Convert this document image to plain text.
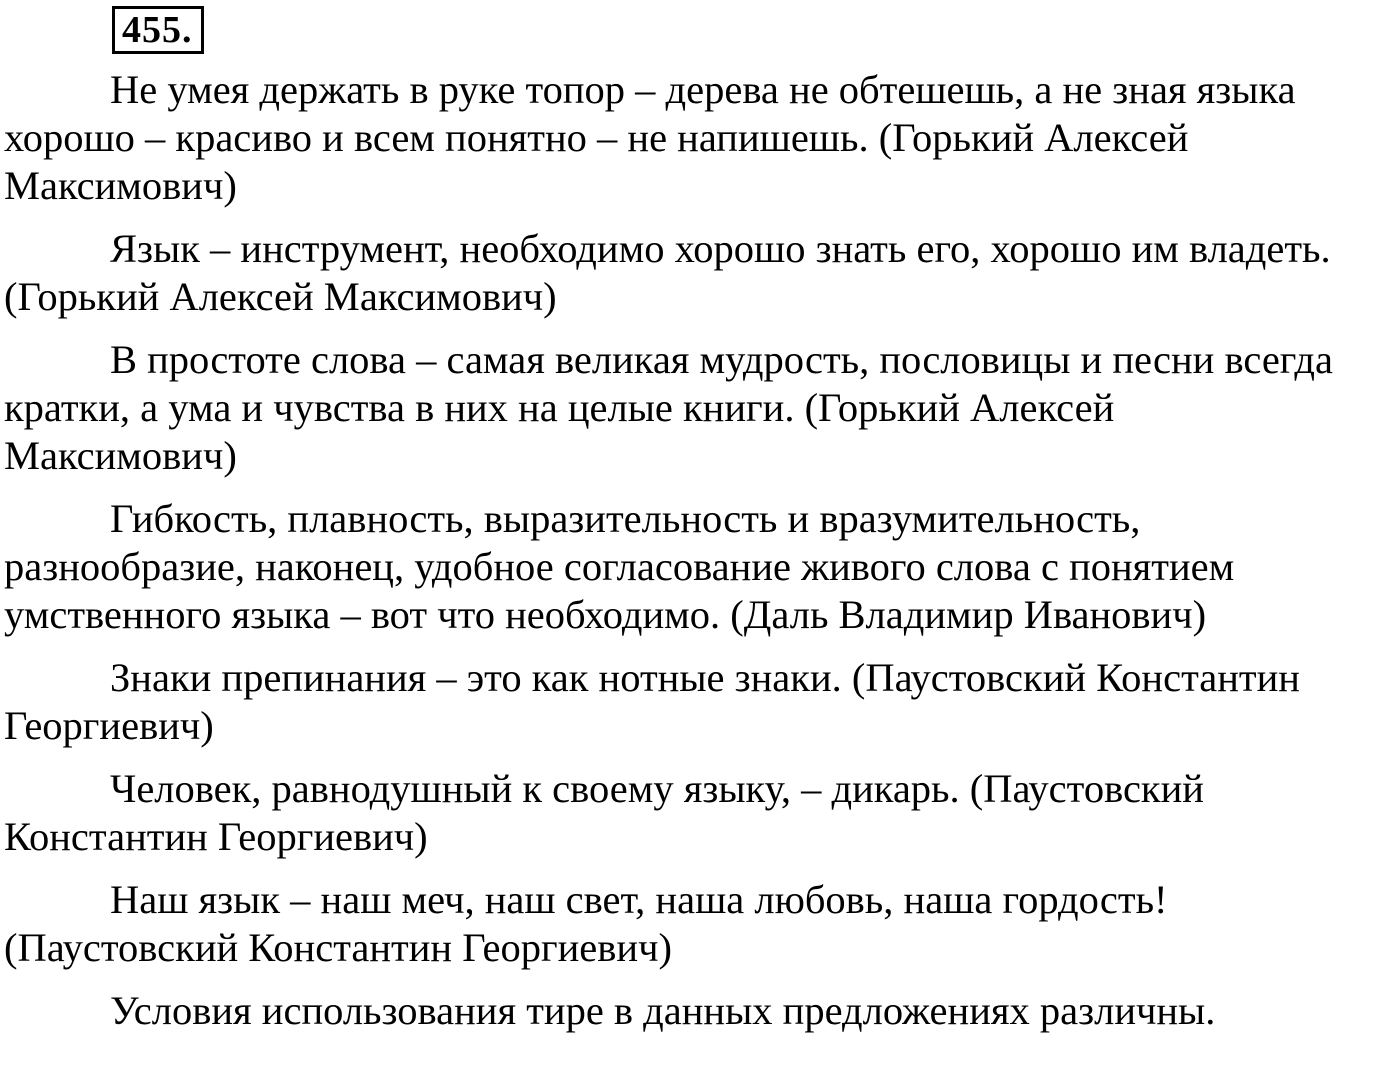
455.

Не умея держать в руке топор – дерева не обтешешь, а не зная языка
хорошо – красиво и всем понятно – не напишешь. (Горький Алексей
Максимович)

Язык – инструмент, необходимо хорошо знать его, хорошо им владеть.
(Горький Алексей Максимович)

В простоте слова – самая великая мудрость, пословицы и песни всегда
кратки, а ума и чувства в них на целые книги. (Горький Алексей
Максимович)

Гибкость, плавность, выразительность и вразумительность,
разнообразие, наконец, удобное согласование живого слова с понятием
умственного языка – вот что необходимо. (Даль Владимир Иванович)

Знаки препинания – это как нотные знаки. (Паустовский Константин
Георгиевич)

Человек, равнодушный к своему языку, – дикарь. (Паустовский
Константин Георгиевич)

Наш язык – наш меч, наш свет, наша любовь, наша гордость!
(Паустовский Константин Георгиевич)

Условия использования тире в данных предложениях различны.
